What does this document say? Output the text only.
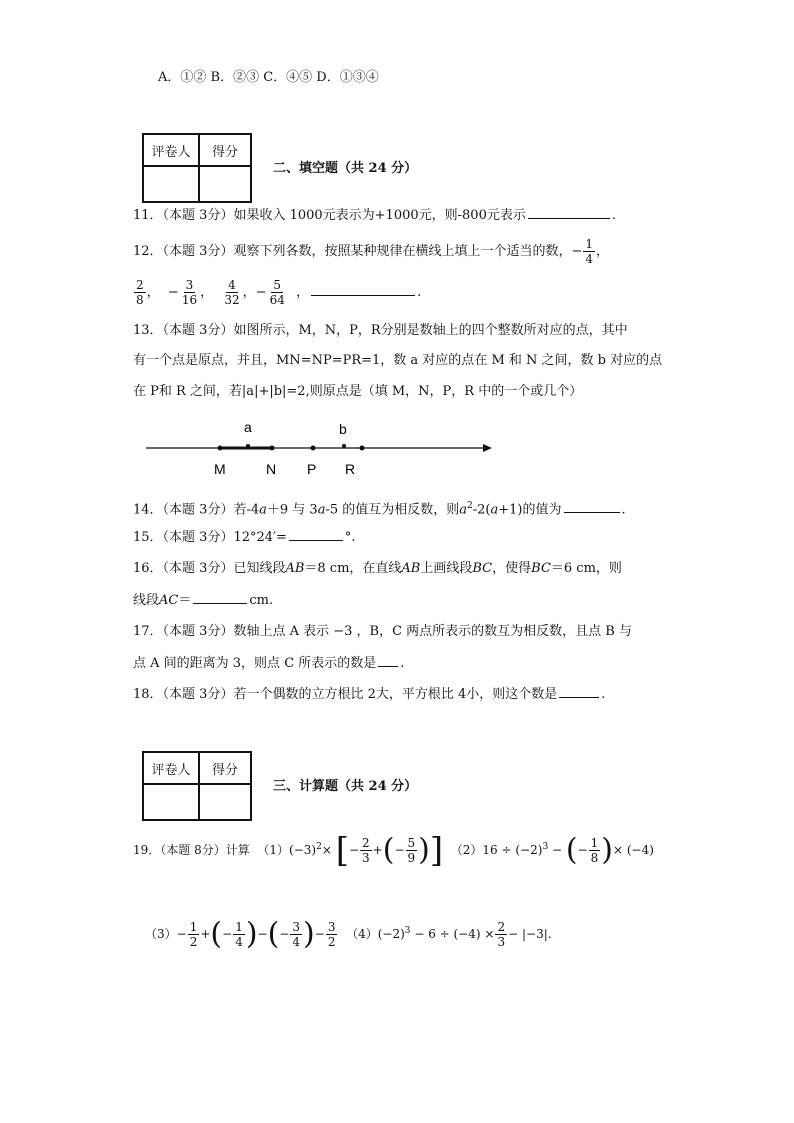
A．①② B．②③ C．④⑤ D．①③④
评卷人	得分

二、填空题（共 24 分）
11．（本题 3分）如果收入 1000元表示为+1000元，则-800元表示	.
12．（本题 3分）观察下列各数，按照某种规律在横线上填上一个适当的数，− $\frac{1}{4}$ ，
$\frac{2}{8}$ ，  − $\frac{3}{16}$ ， $\frac{4}{32}$ ，− $\frac{5}{64}$ ，	.
13．（本题 3分）如图所示，M，N，P，R分别是数轴上的四个整数所对应的点，其中
有一个点是原点，并且，MN=NP=PR=1，数 a 对应的点在 M 和 N 之间，数 b 对应的点
在 P和 R 之间，若|a|+|b|=2,则原点是（填 M，N，P，R 中的一个或几个）
a	b
M	N P R
14．（本题 3分）若-4a＋9 与 3a-5 的值互为相反数，则$a^2-2(a+1)$的值为	.
15．（本题 3分）12°24′=	°.
16．（本题 3分）已知线段AB＝8 cm，在直线AB上画线段BC，使得BC＝6 cm，则
线段AC＝	cm.
17．（本题 3分）数轴上点 A 表示 −3 ，B，C 两点所表示的数互为相反数，且点 B 与
点 A 间的距离为 3，则点 C 所表示的数是 .
18．（本题 3分）若一个偶数的立方根比 2大，平方根比 4小，则这个数是	.
评卷人	得分

三、计算题（共 24 分）
19．（本题 8分）计算 $(1)(-3)^2\times$ [− $\frac{2}{3}$ +(− $\frac{5}{9}$ )] $(2)16 \div (-2)^3$ − (− $\frac{1}{8}$ )× (−4)
$(3)- \frac{1}{2}$ +(− $\frac{1}{4}$ )−(− $\frac{3}{4}$ )− $\frac{3}{2} (4)(-2)^3 - 6 \div (-4) \times \frac{2}{3} - |-3|$.
